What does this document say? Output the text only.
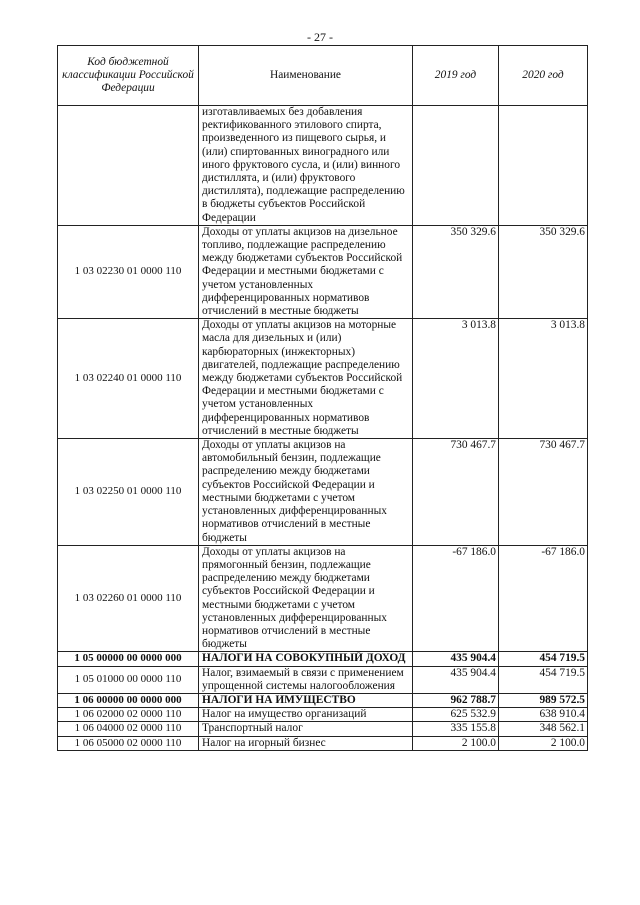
- 27 -
Код бюджетной классификации Российской Федерации	Наименование	2019 год	2020 год
	изготавливаемых без добавления ректификованного этилового спирта, произведенного из пищевого сырья, и (или) спиртованных виноградного или иного фруктового сусла, и (или) винного дистиллята, и (или) фруктового дистиллята), подлежащие распределению в бюджеты субъектов Российской Федерации		
1 03 02230 01 0000 110	Доходы от уплаты акцизов на дизельное топливо, подлежащие распределению между бюджетами субъектов Российской Федерации и местными бюджетами с учетом установленных дифференцированных нормативов отчислений в местные бюджеты	350 329.6	350 329.6
1 03 02240 01 0000 110	Доходы от уплаты акцизов на моторные масла для дизельных и (или) карбюраторных (инжекторных) двигателей, подлежащие распределению между бюджетами субъектов Российской Федерации и местными бюджетами с учетом установленных дифференцированных нормативов отчислений в местные бюджеты	3 013.8	3 013.8
1 03 02250 01 0000 110	Доходы от уплаты акцизов на автомобильный бензин, подлежащие распределению между бюджетами субъектов Российской Федерации и местными бюджетами с учетом установленных дифференцированных нормативов отчислений в местные бюджеты	730 467.7	730 467.7
1 03 02260 01 0000 110	Доходы от уплаты акцизов на прямогонный бензин, подлежащие распределению между бюджетами субъектов Российской Федерации и местными бюджетами с учетом установленных дифференцированных нормативов отчислений в местные бюджеты	-67 186.0	-67 186.0
1 05 00000 00 0000 000	НАЛОГИ НА СОВОКУПНЫЙ ДОХОД	435 904.4	454 719.5
1 05 01000 00 0000 110	Налог, взимаемый в связи с применением упрощенной системы налогообложения	435 904.4	454 719.5
1 06 00000 00 0000 000	НАЛОГИ НА ИМУЩЕСТВО	962 788.7	989 572.5
1 06 02000 02 0000 110	Налог на имущество организаций	625 532.9	638 910.4
1 06 04000 02 0000 110	Транспортный налог	335 155.8	348 562.1
1 06 05000 02 0000 110	Налог на игорный бизнес	2 100.0	2 100.0
